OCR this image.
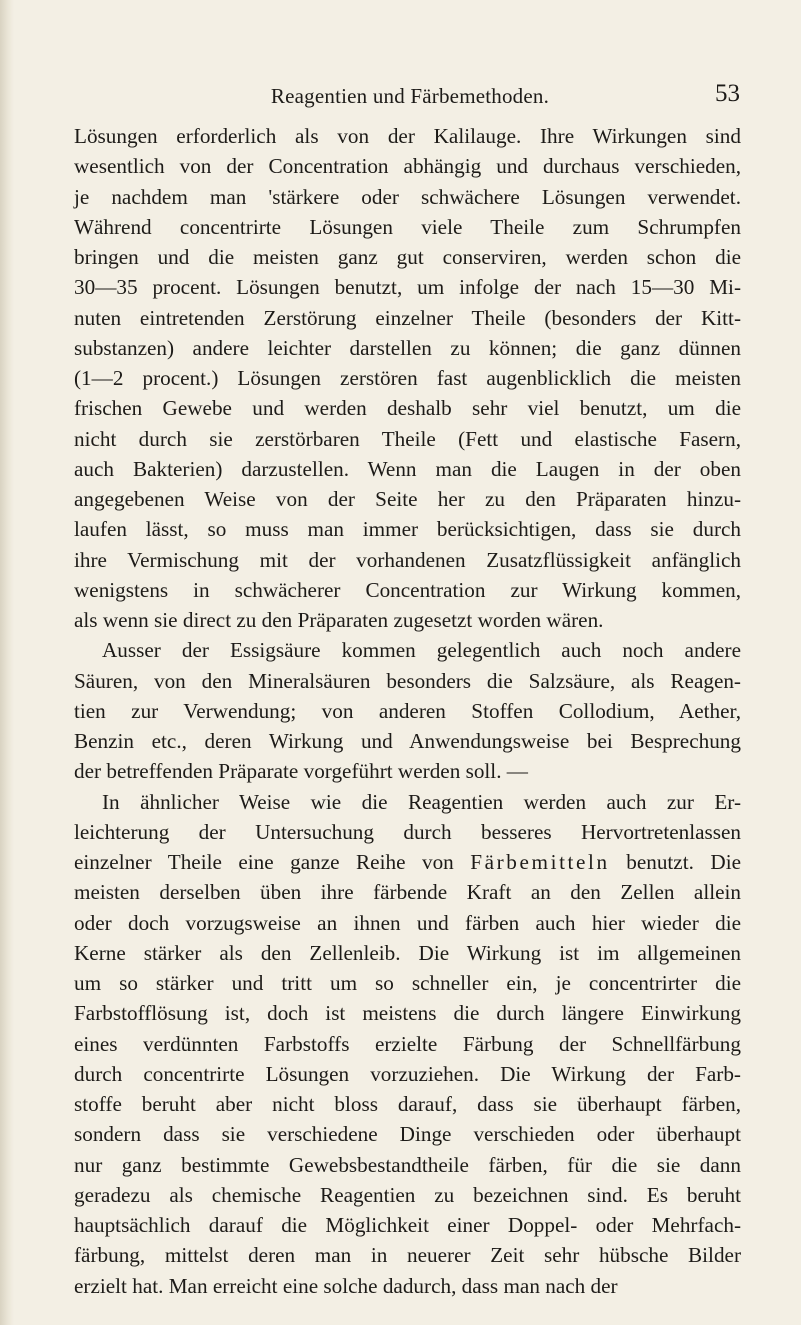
Reagentien und Färbemethoden.	53
Lösungen erforderlich als von der Kalilauge. Ihre Wirkungen sind
wesentlich von der Concentration abhängig und durchaus verschieden,
je nachdem man 'stärkere oder schwächere Lösungen verwendet.
Während concentrirte Lösungen viele Theile zum Schrumpfen
bringen und die meisten ganz gut conserviren, werden schon die
30—35 procent. Lösungen benutzt, um infolge der nach 15—30 Mi-
nuten eintretenden Zerstörung einzelner Theile (besonders der Kitt-
substanzen) andere leichter darstellen zu können; die ganz dünnen
(1—2 procent.) Lösungen zerstören fast augenblicklich die meisten
frischen Gewebe und werden deshalb sehr viel benutzt, um die
nicht durch sie zerstörbaren Theile (Fett und elastische Fasern,
auch Bakterien) darzustellen. Wenn man die Laugen in der oben
angegebenen Weise von der Seite her zu den Präparaten hinzu-
laufen lässt, so muss man immer berücksichtigen, dass sie durch
ihre Vermischung mit der vorhandenen Zusatzflüssigkeit anfänglich
wenigstens in schwächerer Concentration zur Wirkung kommen,
als wenn sie direct zu den Präparaten zugesetzt worden wären.
Ausser der Essigsäure kommen gelegentlich auch noch andere
Säuren, von den Mineralsäuren besonders die Salzsäure, als Reagen-
tien zur Verwendung; von anderen Stoffen Collodium, Aether,
Benzin etc., deren Wirkung und Anwendungsweise bei Besprechung
der betreffenden Präparate vorgeführt werden soll. —
In ähnlicher Weise wie die Reagentien werden auch zur Er-
leichterung der Untersuchung durch besseres Hervortretenlassen
einzelner Theile eine ganze Reihe von Färbemitteln benutzt. Die
meisten derselben üben ihre färbende Kraft an den Zellen allein
oder doch vorzugsweise an ihnen und färben auch hier wieder die
Kerne stärker als den Zellenleib. Die Wirkung ist im allgemeinen
um so stärker und tritt um so schneller ein, je concentrirter die
Farbstofflösung ist, doch ist meistens die durch längere Einwirkung
eines verdünnten Farbstoffs erzielte Färbung der Schnellfärbung
durch concentrirte Lösungen vorzuziehen. Die Wirkung der Farb-
stoffe beruht aber nicht bloss darauf, dass sie überhaupt färben,
sondern dass sie verschiedene Dinge verschieden oder überhaupt
nur ganz bestimmte Gewebsbestandtheile färben, für die sie dann
geradezu als chemische Reagentien zu bezeichnen sind. Es beruht
hauptsächlich darauf die Möglichkeit einer Doppel- oder Mehrfach-
färbung, mittelst deren man in neuerer Zeit sehr hübsche Bilder
erzielt hat. Man erreicht eine solche dadurch, dass man nach der
